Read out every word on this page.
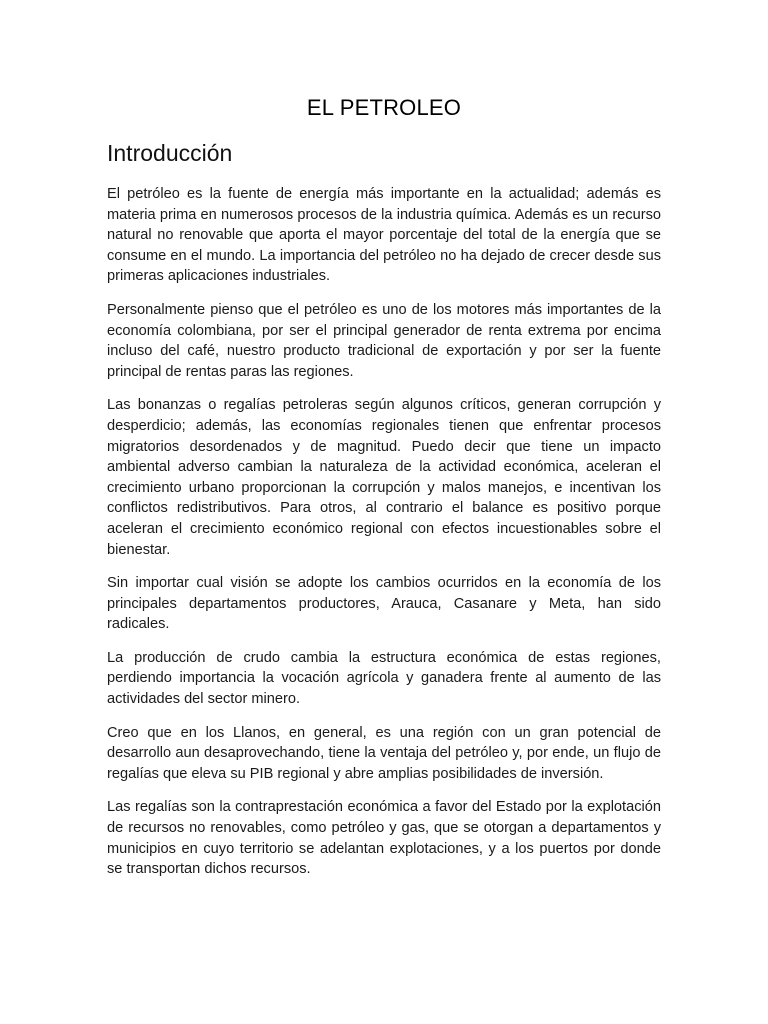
EL PETROLEO
Introducción

El petróleo es la fuente de energía más importante en la actualidad; además es materia prima en numerosos procesos de la industria química. Además es un recurso natural no renovable que aporta el mayor porcentaje del total de la energía que se consume en el mundo. La importancia del petróleo no ha dejado de crecer desde sus primeras aplicaciones industriales.

Personalmente pienso que el petróleo es uno de los motores más importantes de la economía colombiana, por ser el principal generador de renta extrema por encima incluso del café, nuestro producto tradicional de exportación y por ser la fuente principal de rentas paras las regiones.

Las bonanzas o regalías petroleras según algunos críticos, generan corrupción y desperdicio; además, las economías regionales tienen que enfrentar procesos migratorios desordenados y de magnitud. Puedo decir que tiene un impacto ambiental adverso cambian la naturaleza de la actividad económica, aceleran el crecimiento urbano proporcionan la corrupción y malos manejos, e incentivan los conflictos redistributivos. Para otros, al contrario el balance es positivo porque aceleran el crecimiento económico regional con efectos incuestionables sobre el bienestar.

Sin importar cual visión se adopte los cambios ocurridos en la economía de los principales departamentos productores, Arauca, Casanare y Meta, han sido radicales.

La producción de crudo cambia la estructura económica de estas regiones, perdiendo importancia la vocación agrícola y ganadera frente al aumento de las actividades del sector minero.

Creo que en los Llanos, en general, es una región con un gran potencial de desarrollo aun desaprovechando, tiene la ventaja del petróleo y, por ende, un flujo de regalías que eleva su PIB regional y abre amplias posibilidades de inversión.

Las regalías son la contraprestación económica a favor del Estado por la explotación de recursos no renovables, como petróleo y gas, que se otorgan a departamentos y municipios en cuyo territorio se adelantan explotaciones, y a los puertos por donde se transportan dichos recursos.
